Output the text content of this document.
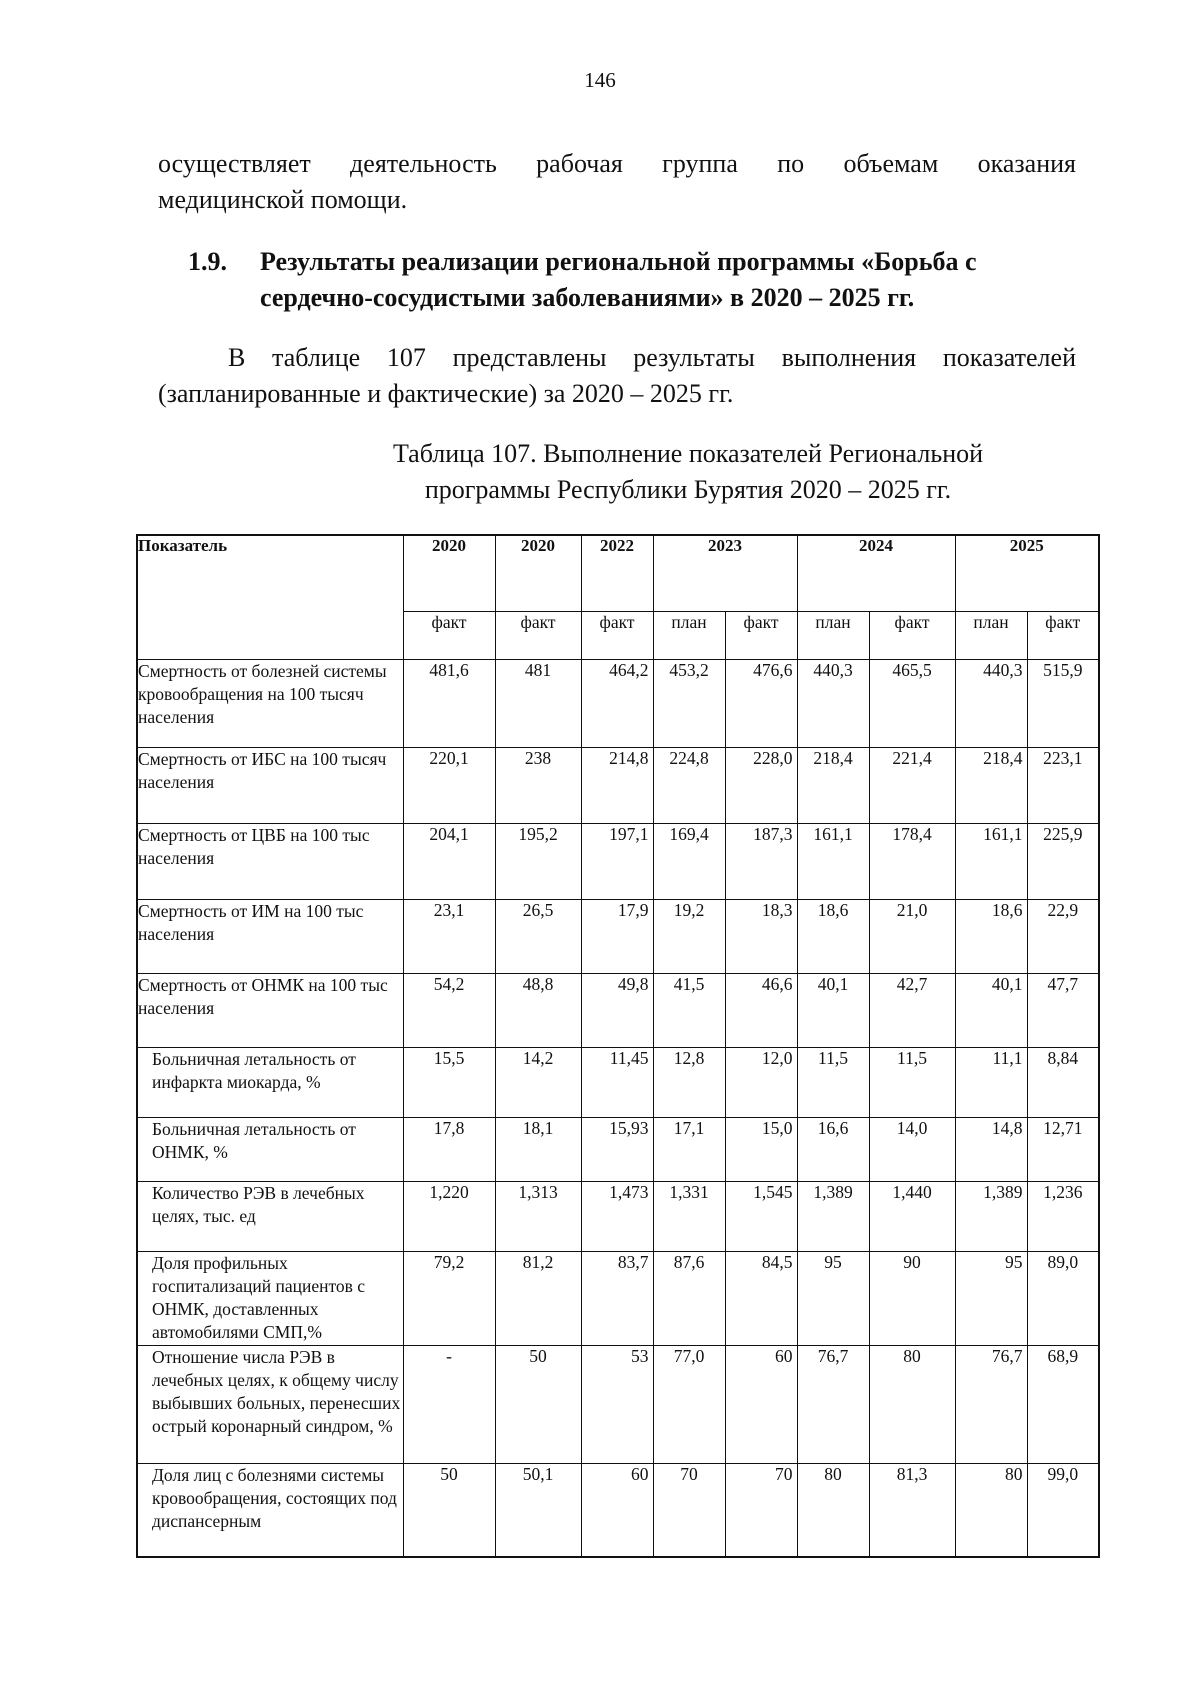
146
осуществляет деятельность рабочая группа по объемам оказания
медицинской помощи.
1.9. Результаты реализации региональной программы «Борьба с
сердечно-сосудистыми заболеваниями» в 2020 – 2025 гг.
В таблице 107 представлены результаты выполнения показателей
(запланированные и фактические) за 2020 – 2025 гг.
Таблица 107. Выполнение показателей Региональной
программы Республики Бурятия 2020 – 2025 гг.
Показатель	2020	2020	2022	2023		2024		2025	
	факт	факт	факт	план	факт	план	факт	план	факт
Смертность от болезней системы кровообращения на 100 тысяч населения	481,6	481	464,2	453,2	476,6	440,3	465,5	440,3	515,9
Смертность от ИБС на 100 тысяч населения	220,1	238	214,8	224,8	228,0	218,4	221,4	218,4	223,1
Смертность от ЦВБ на 100 тыс населения	204,1	195,2	197,1	169,4	187,3	161,1	178,4	161,1	225,9
Смертность от ИМ на 100 тыс населения	23,1	26,5	17,9	19,2	18,3	18,6	21,0	18,6	22,9
Смертность от ОНМК на 100 тыс населения	54,2	48,8	49,8	41,5	46,6	40,1	42,7	40,1	47,7
Больничная летальность от инфаркта миокарда, %	15,5	14,2	11,45	12,8	12,0	11,5	11,5	11,1	8,84
Больничная летальность от ОНМК, %	17,8	18,1	15,93	17,1	15,0	16,6	14,0	14,8	12,71
Количество РЭВ в лечебных целях, тыс. ед	1,220	1,313	1,473	1,331	1,545	1,389	1,440	1,389	1,236
Доля профильных госпитализаций пациентов с ОНМК, доставленных автомобилями СМП,%	79,2	81,2	83,7	87,6	84,5	95	90	95	89,0
Отношение числа РЭВ в лечебных целях, к общему числу выбывших больных, перенесших острый коронарный синдром, %	-	50	53	77,0	60	76,7	80	76,7	68,9
Доля лиц с болезнями системы кровообращения, состоящих под диспансерным	50	50,1	60	70	70	80	81,3	80	99,0
